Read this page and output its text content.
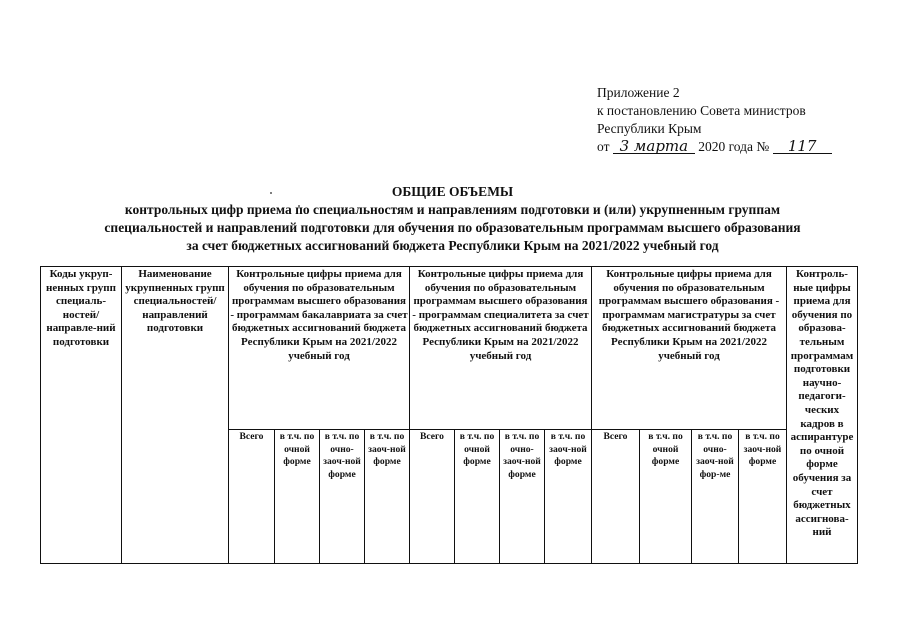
Приложение 2
к постановлению Совета министров
Республики Крым
от 3 марта 2020 года № 117
ОБЩИЕ ОБЪЕМЫ
контрольных цифр приема по специальностям и направлениям подготовки и (или) укрупненным группам
специальностей и направлений подготовки для обучения по образовательным программам высшего образования
за счет бюджетных ассигнований бюджета Республики Крым на 2021/2022 учебный год
Коды укруп-ненных групп специаль-ностей/ направле-ний подготовки	Наименование укрупненных групп специальностей/ направлений подготовки	Контрольные цифры приема для обучения по образовательным программам высшего образования - программам бакалавриата за счет бюджетных ассигнований бюджета Республики Крым на 2021/2022 учебный год				Контрольные цифры приема для обучения по образовательным программам высшего образования - программам специалитета за счет бюджетных ассигнований бюджета Республики Крым на 2021/2022 учебный год				Контрольные цифры приема для обучения по образовательным программам высшего образования - программам магистратуры за счет бюджетных ассигнований бюджета Республики Крым на 2021/2022 учебный год				Контроль-ные цифры приема для обучения по образова-тельным программам подготовки научно-педагоги-ческих кадров в аспирантуре по очной форме обучения за счет бюджетных ассигнова-ний
		Всего	в т.ч. по очной форме	в т.ч. по очно-заоч-ной форме	в т.ч. по заоч-ной форме	Всего	в т.ч. по очной форме	в т.ч. по очно-заоч-ной форме	в т.ч. по заоч-ной форме	Всего	в т.ч. по очной форме	в т.ч. по очно-заоч-ной фор-ме	в т.ч. по заоч-ной форме	
